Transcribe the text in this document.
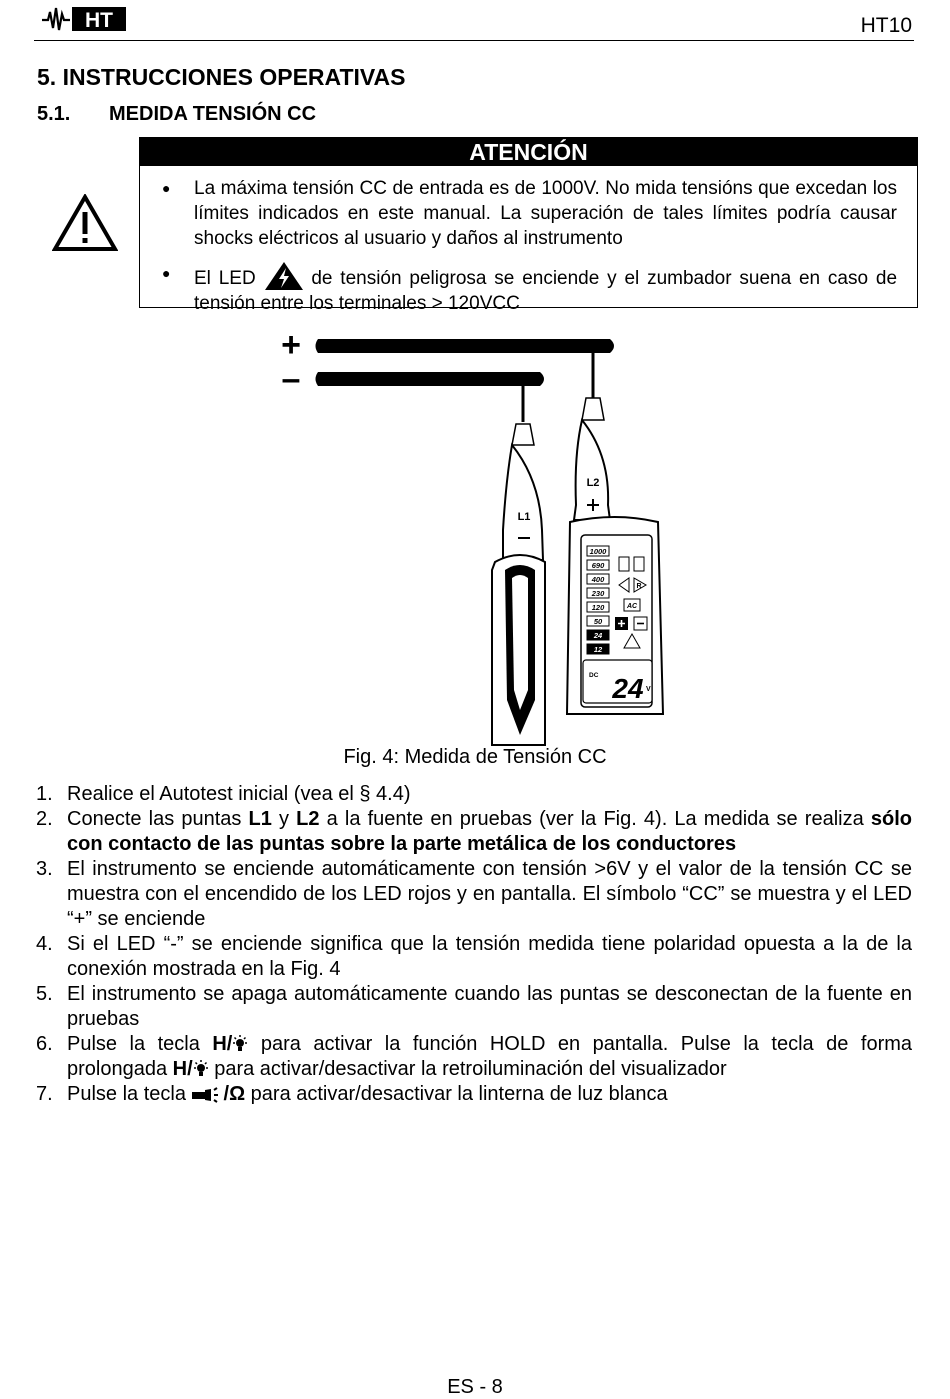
HT	HT10
5. INSTRUCCIONES OPERATIVAS
5.1. MEDIDA TENSIÓN CC
ATENCIÓN
● La máxima tensión CC de entrada es de 1000V. No mida tensións que excedan los límites indicados en este manual. La superación de tales límites podría causar shocks eléctricos al usuario y daños al instrumento
● El LED	de tensión peligrosa se enciende y el zumbador suena en caso de tensión entre los terminales > 120VCC
+
–
L1
L2
1000
690
400
230
120
50
24
12
R
AC
DC 24 V
Fig. 4: Medida de Tensión CC
1. Realice el Autotest inicial (vea el § 4.4)
2. Conecte las puntas L1 y L2 a la fuente en pruebas (ver la Fig. 4). La medida se realiza sólo con contacto de las puntas sobre la parte metálica de los conductores
3. El instrumento se enciende automáticamente con tensión >6V y el valor de la tensión CC se muestra con el encendido de los LED rojos y en pantalla. El símbolo “CC” se muestra y el LED “+” se enciende
4. Si el LED “-” se enciende significa que la tensión medida tiene polaridad opuesta a la de la conexión mostrada en la Fig. 4
5. El instrumento se apaga automáticamente cuando las puntas se desconectan de la fuente en pruebas
6. Pulse la tecla H/ para activar la función HOLD en pantalla. Pulse la tecla de forma prolongada H/ para activar/desactivar la retroiluminación del visualizador
7. Pulse la tecla /Ω para activar/desactivar la linterna de luz blanca
ES - 8
